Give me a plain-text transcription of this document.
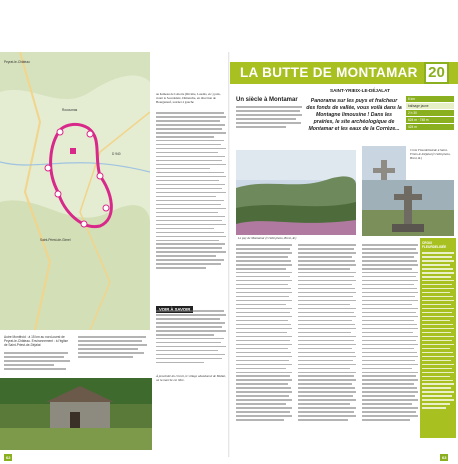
Peyrat-le-Château
Rocoumas
Saint-Priest-de-Gimel
D 940
Autre Montfroid : à 15 km au nord-ouest de Peyrat-le-Château. Environnement : à l'église de Saint-Priest-de-Déjalat
au hameau de Laborie (Rivière, Loudès, etc.) puis, avant le Sourdaleix, Dimenche, en direction de Bourganeuf, tourner à gauche
À proximité du circuit, le village abandonné de Bédiat, où la marche est libre.
62
LA BUTTE DE MONTAMAR 20
SAINT-YRIEIX-LE-DÉJALAT
Un siècle à Montamar	Panorama sur les puys et fraîcheur des fonds de vallée, vous voilà dans la Montagne limousine ! Dans les prairies, le site archéologique de Montamar et les eaux de la Corrèze...
6 km
balisage jaune
2 h 30
624 m · 748 m
424 m
Le puy de Montamar (Crédit photo, Brest, R.)
Croix Flourdeliséede à Saint-Yrieix-le-Déjalat (Crédit photo, Brest, R.)
CROIX FLEURDELISÉE
63
